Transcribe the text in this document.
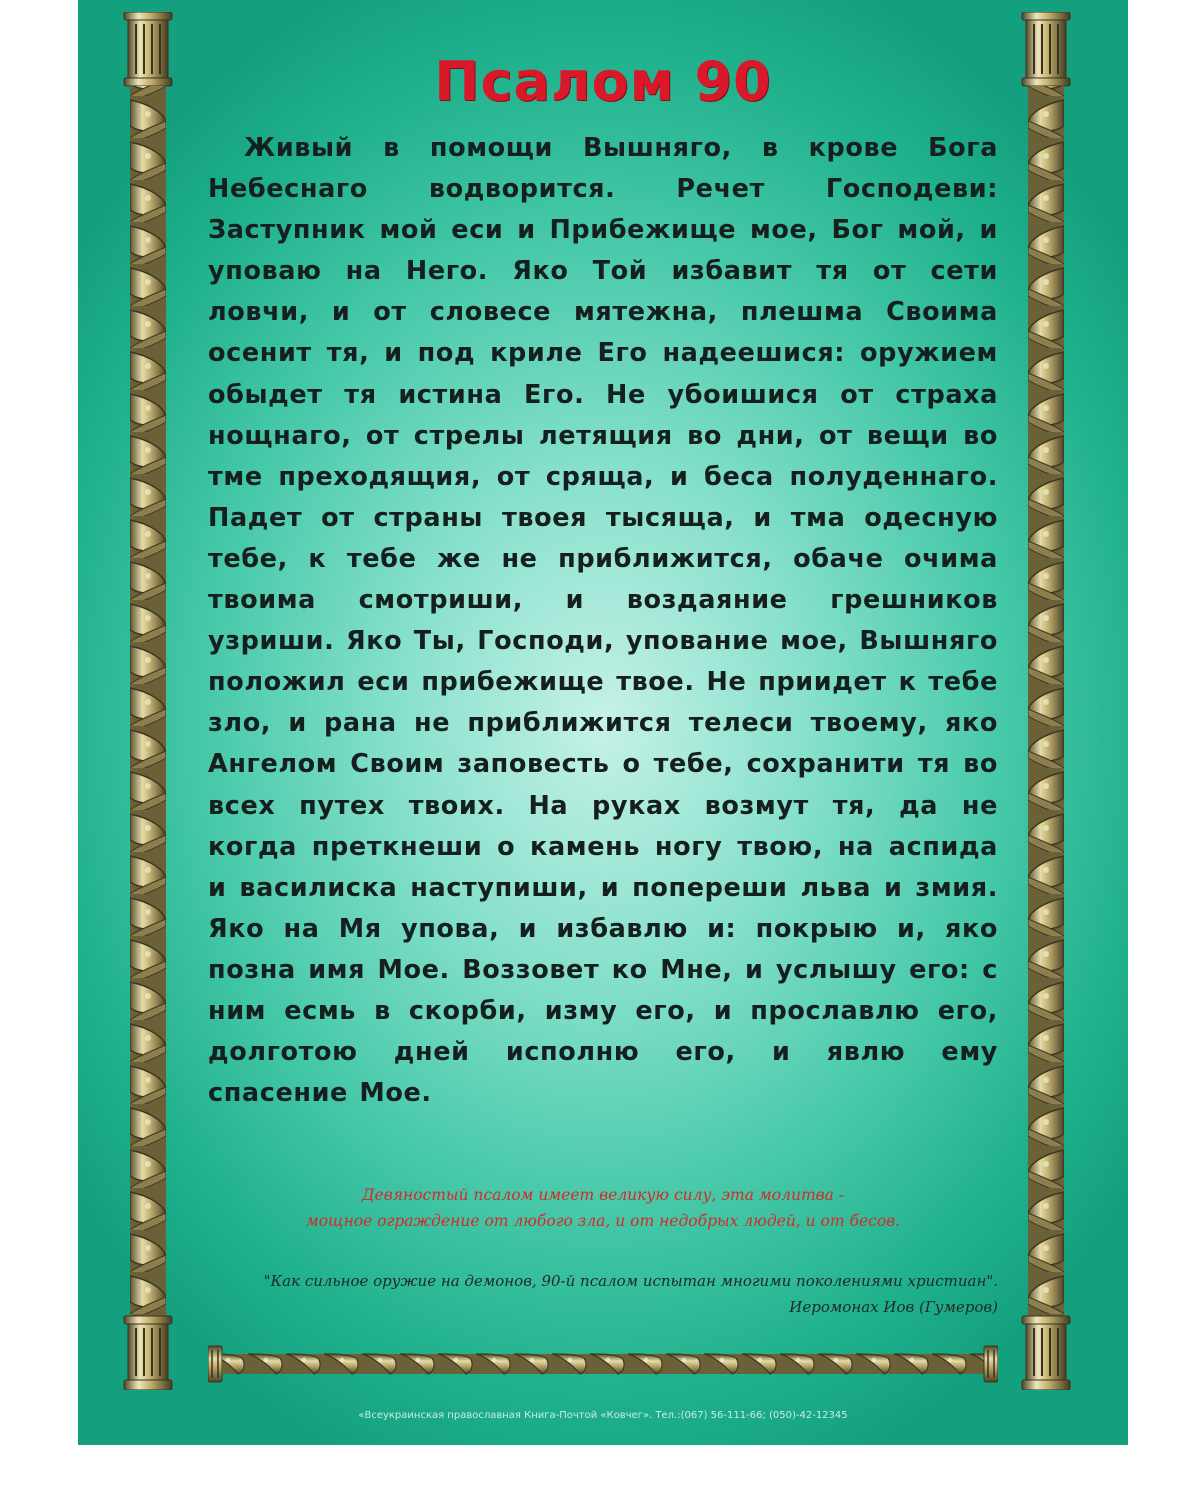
Псалом 90

Живый в помощи Вышняго, в крове Бога Небеснаго водворится. Речет Господеви: Заступник мой еси и Прибежище мое, Бог мой, и уповаю на Него. Яко Той избавит тя от сети ловчи, и от словесе мятежна, плешма Своима осенит тя, и под криле Его надеешися: оружием обыдет тя истина Его. Не убоишися от страха нощнаго, от стрелы летящия во дни, от вещи во тме преходящия, от сряща, и беса полуденнаго. Падет от страны твоея тысяща, и тма одесную тебе, к тебе же не приближится, обаче очима твоима смотриши, и воздаяние грешников узриши. Яко Ты, Господи, упование мое, Вышняго положил еси прибежище твое. Не приидет к тебе зло, и рана не приближится телеси твоему, яко Ангелом Своим заповесть о тебе, сохранити тя во всех путех твоих. На руках возмут тя, да не когда преткнеши о камень ногу твою, на аспида и василиска наступиши, и попереши льва и змия. Яко на Мя упова, и избавлю и: покрыю и, яко позна имя Мое. Воззовет ко Мне, и услышу его: с ним есмь в скорби, изму его, и прославлю его, долготою дней исполню его, и явлю ему спасение Мое.

Девяностый псалом имеет великую силу, эта молитва -
мощное ограждение от любого зла, и от недобрых людей, и от бесов.

"Как сильное оружие на демонов, 90-й псалом испытан многими поколениями христиан".

Иеромонах Иов (Гумеров)

«Всеукраинская православная Книга-Почтой «Ковчег». Тел.:(067) 56-111-66; (050)-42-12345
